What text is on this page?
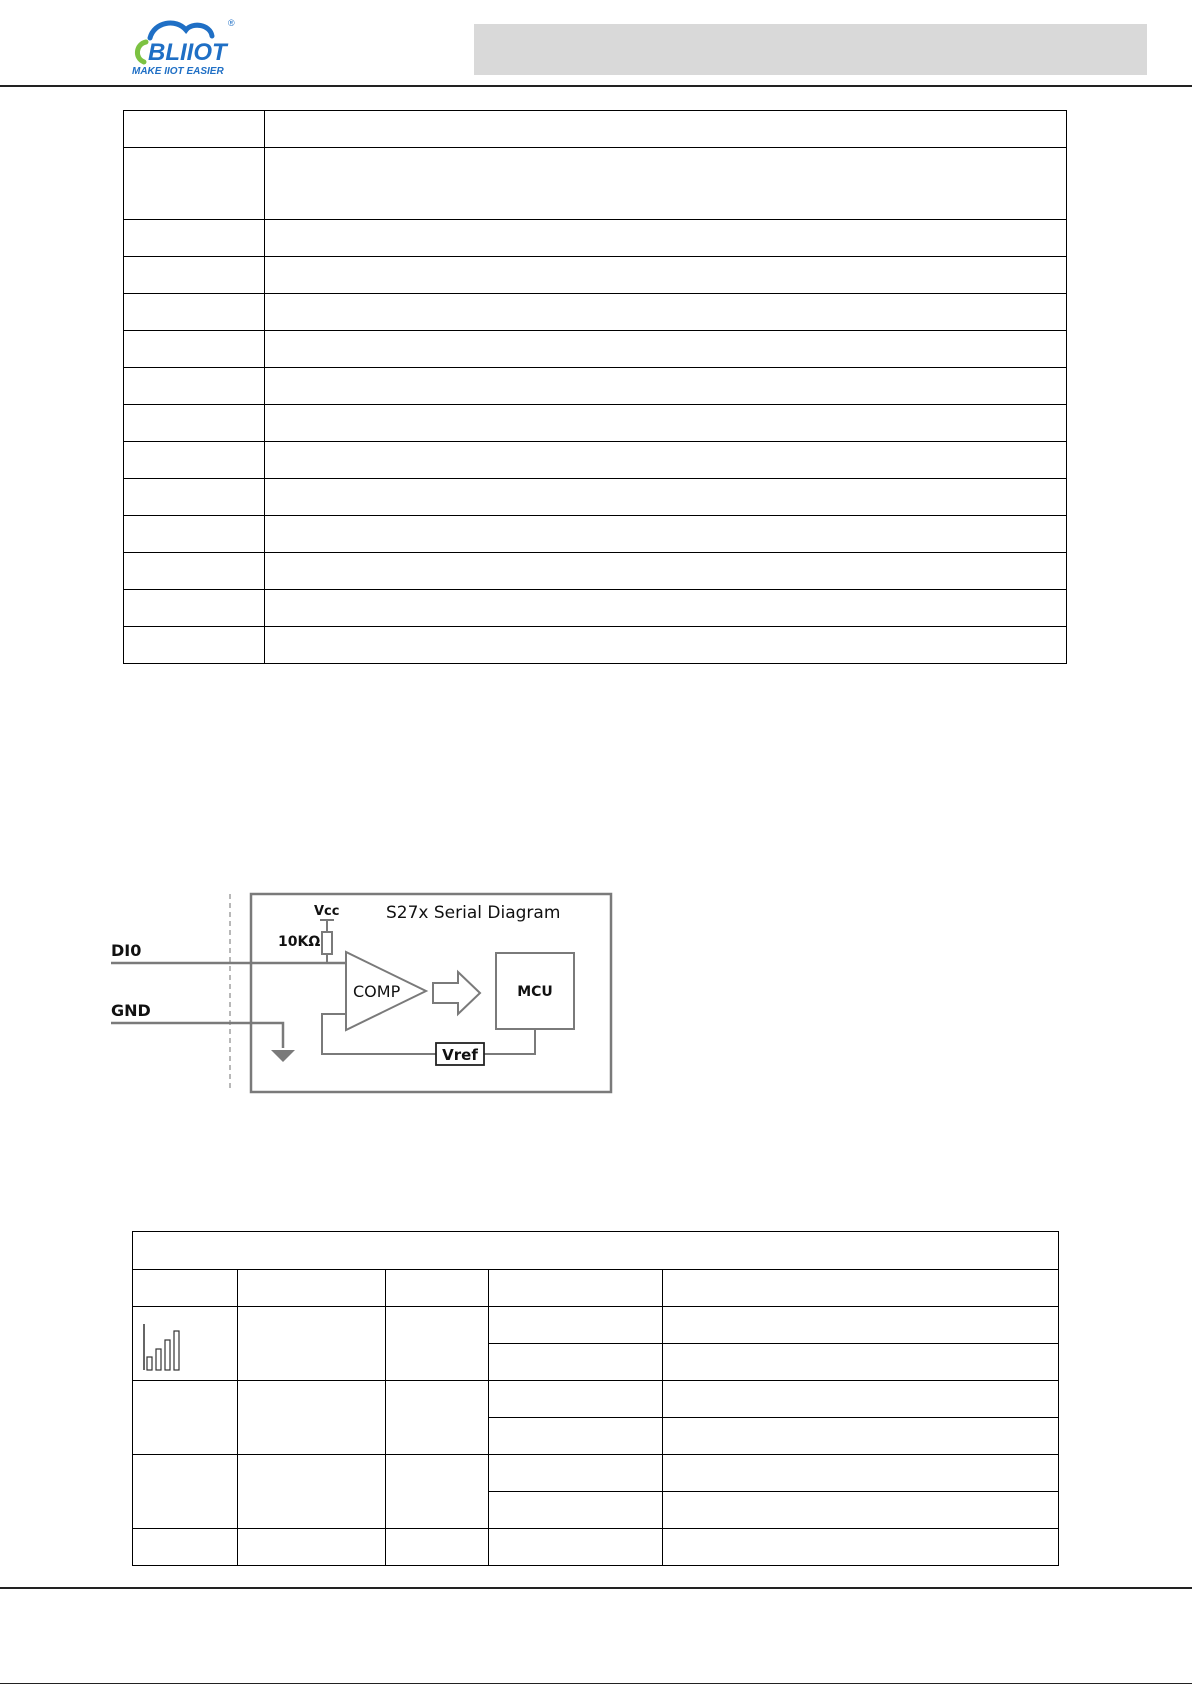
BLIIOT
MAKE IIOT EASIER
®

S27x Serial Diagram
Vcc
10KΩ
DI0
GND
COMP	MCU
Vref
